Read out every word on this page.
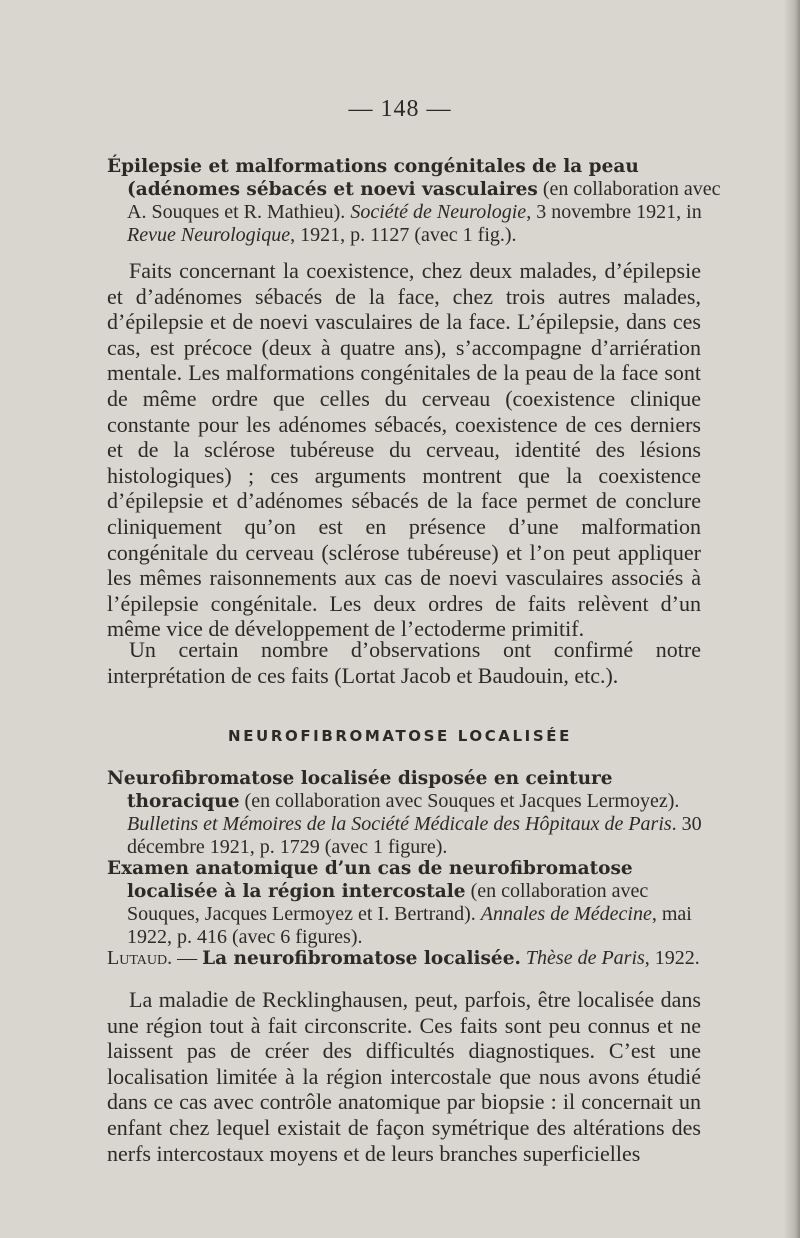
— 148 —
Épilepsie et malformations congénitales de la peau (adénomes sébacés et noevi vasculaires (en collaboration avec A. Souques et R. Mathieu). Société de Neurologie, 3 novembre 1921, in Revue Neurologique, 1921, p. 1127 (avec 1 fig.).
Faits concernant la coexistence, chez deux malades, d’épilepsie et d’adénomes sébacés de la face, chez trois autres malades, d’épilepsie et de noevi vasculaires de la face. L’épilepsie, dans ces cas, est précoce (deux à quatre ans), s’accompagne d’arriération mentale. Les malformations congénitales de la peau de la face sont de même ordre que celles du cerveau (coexistence clinique constante pour les adénomes sébacés, coexistence de ces derniers et de la sclérose tubéreuse du cerveau, identité des lésions histologiques) ; ces arguments montrent que la coexistence d’épilepsie et d’adénomes sébacés de la face permet de conclure cliniquement qu’on est en présence d’une malformation congénitale du cerveau (sclérose tubéreuse) et l’on peut appliquer les mêmes raisonnements aux cas de noevi vasculaires associés à l’épilepsie congénitale. Les deux ordres de faits relèvent d’un même vice de développement de l’ectoderme primitif.
Un certain nombre d’observations ont confirmé notre interprétation de ces faits (Lortat Jacob et Baudouin, etc.).
NEUROFIBROMATOSE LOCALISÉE
Neurofibromatose localisée disposée en ceinture thoracique (en collaboration avec Souques et Jacques Lermoyez). Bulletins et Mémoires de la Société Médicale des Hôpitaux de Paris. 30 décembre 1921, p. 1729 (avec 1 figure).
Examen anatomique d’un cas de neurofibromatose localisée à la région intercostale (en collaboration avec Souques, Jacques Lermoyez et I. Bertrand). Annales de Médecine, mai 1922, p. 416 (avec 6 figures).
Lutaud. — La neurofibromatose localisée. Thèse de Paris, 1922.
La maladie de Recklinghausen, peut, parfois, être localisée dans une région tout à fait circonscrite. Ces faits sont peu connus et ne laissent pas de créer des difficultés diagnostiques. C’est une localisation limitée à la région intercostale que nous avons étudié dans ce cas avec contrôle anatomique par biopsie : il concernait un enfant chez lequel existait de façon symétrique des altérations des nerfs intercostaux moyens et de leurs branches superficielles
